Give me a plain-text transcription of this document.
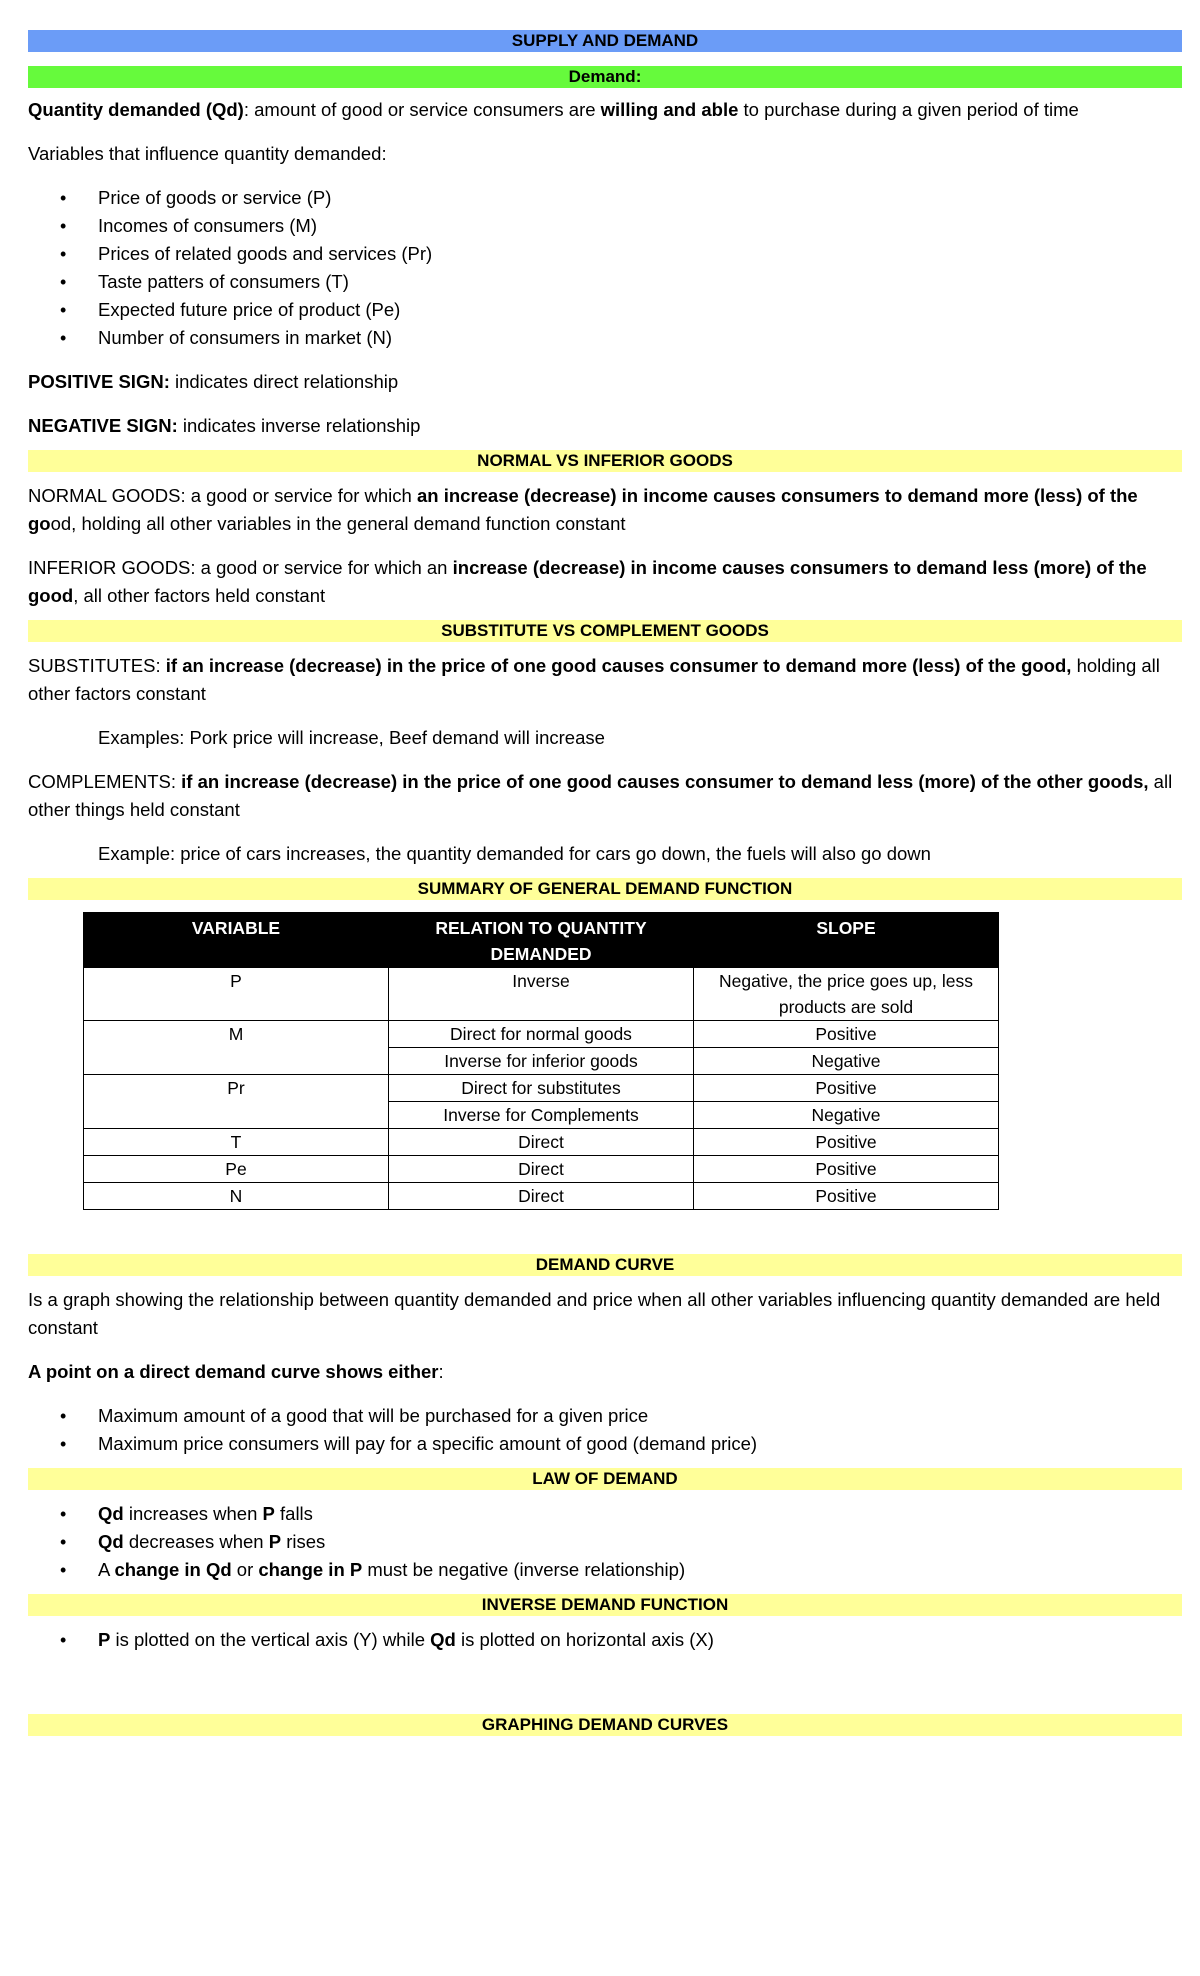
SUPPLY AND DEMAND
Demand:

Quantity demanded (Qd): amount of good or service consumers are willing and able to purchase during a given period of time

Variables that influence quantity demanded:

• Price of goods or service (P)
• Incomes of consumers (M)
• Prices of related goods and services (Pr)
• Taste patters of consumers (T)
• Expected future price of product (Pe)
• Number of consumers in market (N)

POSITIVE SIGN: indicates direct relationship

NEGATIVE SIGN: indicates inverse relationship

NORMAL VS INFERIOR GOODS

NORMAL GOODS: a good or service for which an increase (decrease) in income causes consumers to demand more (less) of the good, holding all other variables in the general demand function constant

INFERIOR GOODS: a good or service for which an increase (decrease) in income causes consumers to demand less (more) of the good, all other factors held constant

SUBSTITUTE VS COMPLEMENT GOODS

SUBSTITUTES: if an increase (decrease) in the price of one good causes consumer to demand more (less) of the good, holding all other factors constant

Examples: Pork price will increase, Beef demand will increase

COMPLEMENTS: if an increase (decrease) in the price of one good causes consumer to demand less (more) of the other goods, all other things held constant

Example: price of cars increases, the quantity demanded for cars go down, the fuels will also go down

SUMMARY OF GENERAL DEMAND FUNCTION
VARIABLE	RELATION TO QUANTITY DEMANDED	SLOPE
P	Inverse	Negative, the price goes up, less products are sold
M	Direct for normal goods	Positive
	Inverse for inferior goods	Negative
Pr	Direct for substitutes	Positive
	Inverse for Complements	Negative
T	Direct	Positive
Pe	Direct	Positive
N	Direct	Positive
DEMAND CURVE

Is a graph showing the relationship between quantity demanded and price when all other variables influencing quantity demanded are held constant

A point on a direct demand curve shows either:

• Maximum amount of a good that will be purchased for a given price
• Maximum price consumers will pay for a specific amount of good (demand price)
LAW OF DEMAND
• Qd increases when P falls
• Qd decreases when P rises
• A change in Qd or change in P must be negative (inverse relationship)
INVERSE DEMAND FUNCTION
• P is plotted on the vertical axis (Y) while Qd is plotted on horizontal axis (X)
GRAPHING DEMAND CURVES
